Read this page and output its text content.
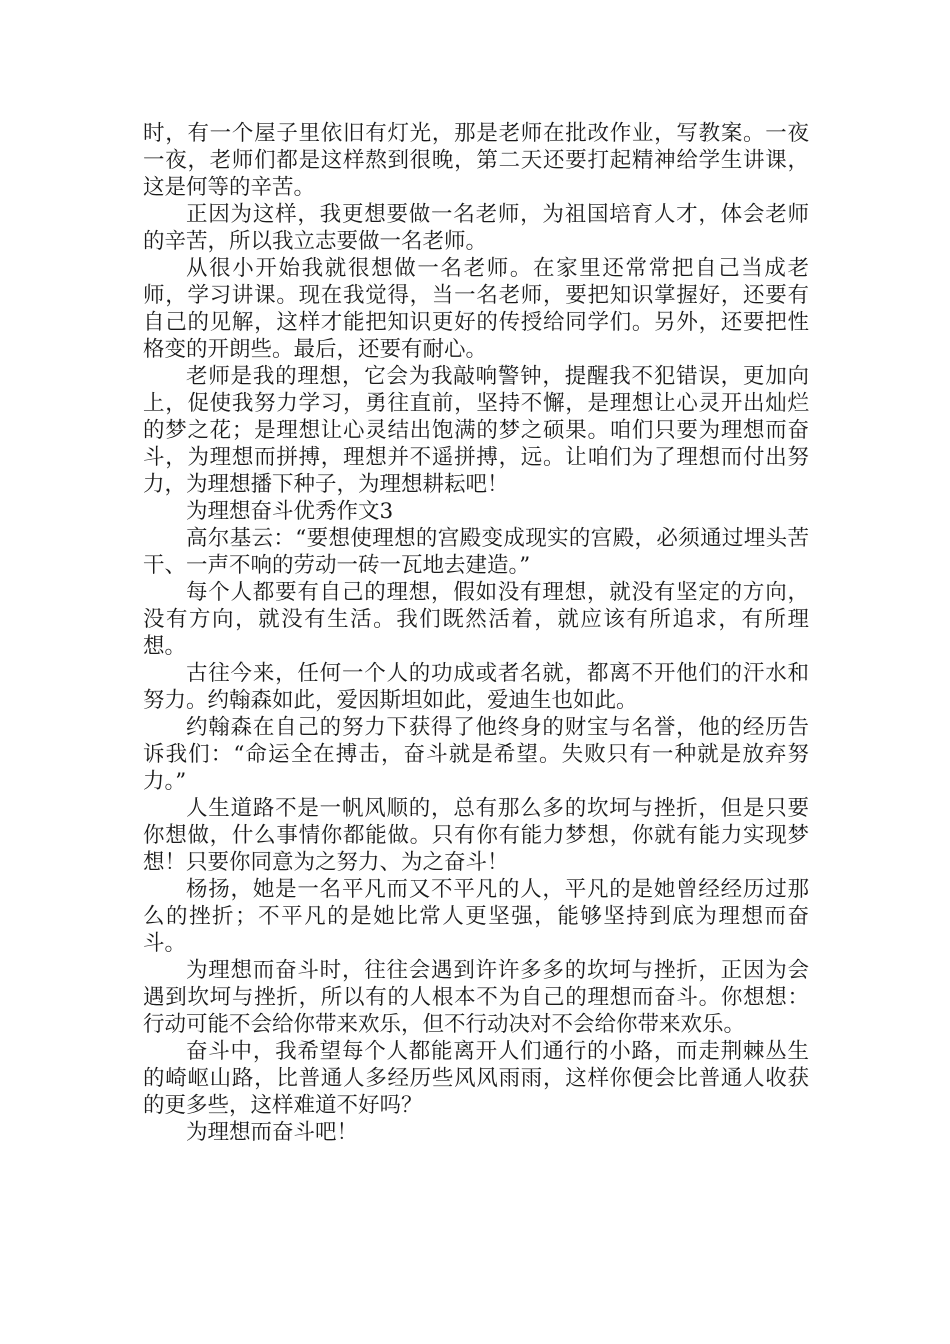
时，有一个屋子里依旧有灯光，那是老师在批改作业，写教案。一夜一夜，老师们都是这样熬到很晚，第二天还要打起精神给学生讲课，这是何等的辛苦。

正因为这样，我更想要做一名老师，为祖国培育人才，体会老师的辛苦，所以我立志要做一名老师。

从很小开始我就很想做一名老师。在家里还常常把自己当成老师，学习讲课。现在我觉得，当一名老师，要把知识掌握好，还要有自己的见解，这样才能把知识更好的传授给同学们。另外，还要把性格变的开朗些。最后，还要有耐心。

老师是我的理想，它会为我敲响警钟，提醒我不犯错误，更加向上，促使我努力学习，勇往直前，坚持不懈，是理想让心灵开出灿烂的梦之花；是理想让心灵结出饱满的梦之硕果。咱们只要为理想而奋斗，为理想而拼搏，理想并不遥拼搏，远。让咱们为了理想而付出努力，为理想播下种子，为理想耕耘吧！

为理想奋斗优秀作文3

高尔基云：“要想使理想的宫殿变成现实的宫殿，必须通过埋头苦干、一声不响的劳动一砖一瓦地去建造。”

每个人都要有自己的理想，假如没有理想，就没有坚定的方向，没有方向，就没有生活。我们既然活着，就应该有所追求，有所理想。

古往今来，任何一个人的功成或者名就，都离不开他们的汗水和努力。约翰森如此，爱因斯坦如此，爱迪生也如此。

约翰森在自己的努力下获得了他终身的财宝与名誉，他的经历告诉我们：“命运全在搏击，奋斗就是希望。失败只有一种就是放弃努力。”

人生道路不是一帆风顺的，总有那么多的坎坷与挫折，但是只要你想做，什么事情你都能做。只有你有能力梦想，你就有能力实现梦想！只要你同意为之努力、为之奋斗！

杨扬，她是一名平凡而又不平凡的人，平凡的是她曾经经历过那么的挫折；不平凡的是她比常人更坚强，能够坚持到底为理想而奋斗。

为理想而奋斗时，往往会遇到许许多多的坎坷与挫折，正因为会遇到坎坷与挫折，所以有的人根本不为自己的理想而奋斗。你想想：行动可能不会给你带来欢乐，但不行动决对不会给你带来欢乐。

奋斗中，我希望每个人都能离开人们通行的小路，而走荆棘丛生的崎岖山路，比普通人多经历些风风雨雨，这样你便会比普通人收获的更多些，这样难道不好吗？

为理想而奋斗吧！
